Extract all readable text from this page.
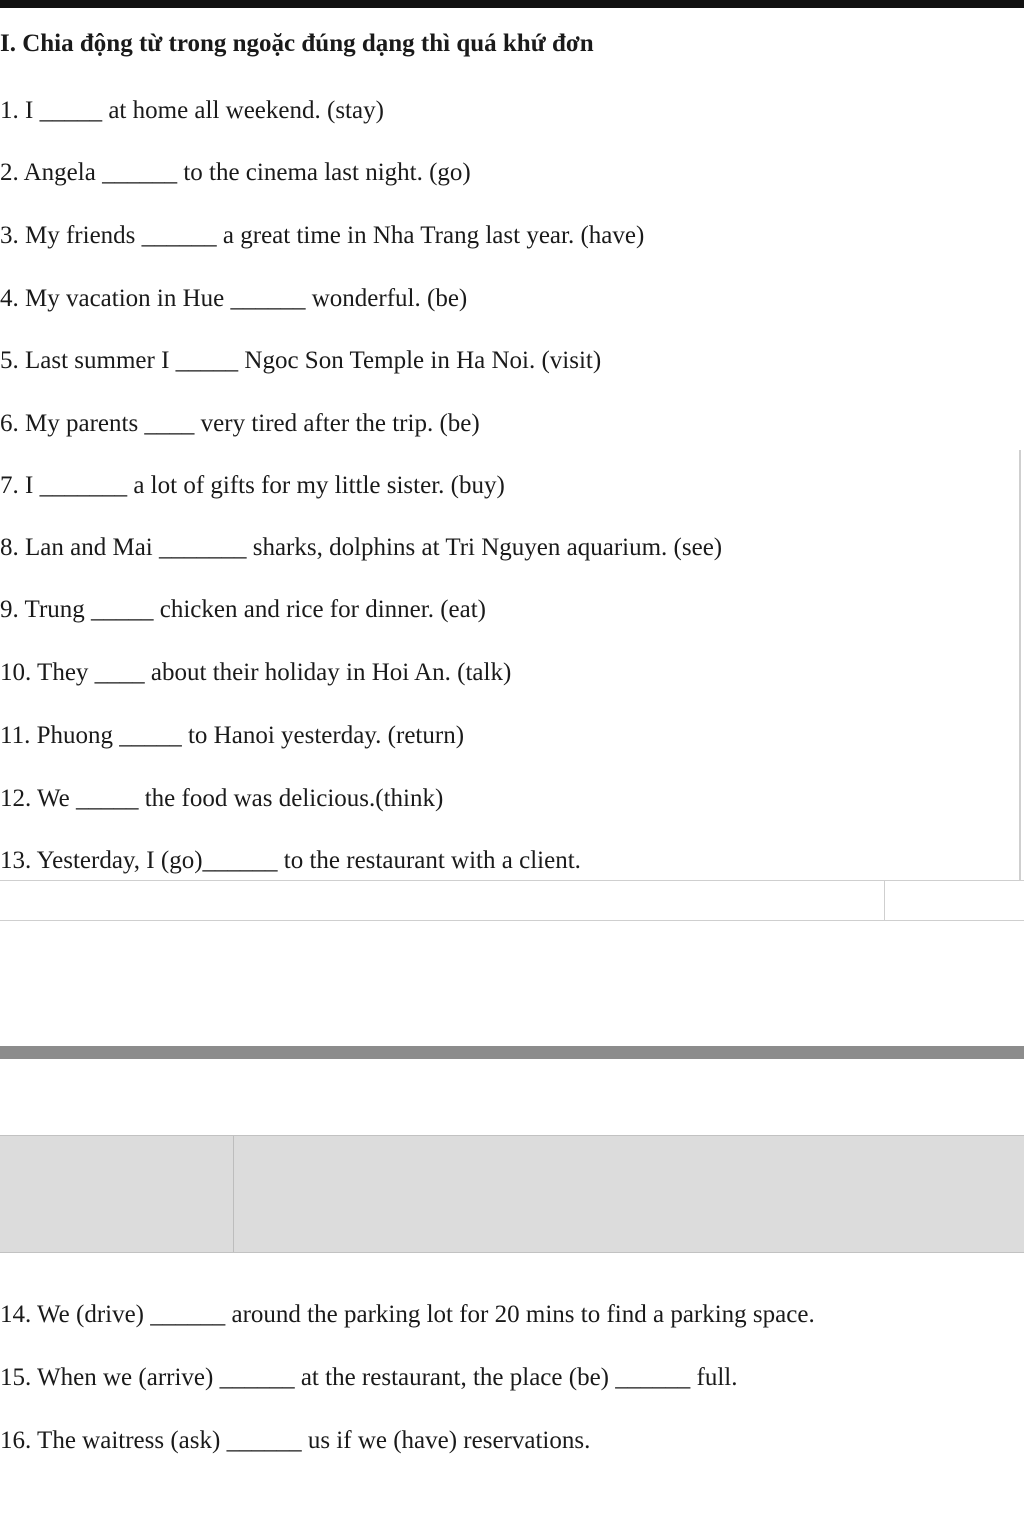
I. Chia động từ trong ngoặc đúng dạng thì quá khứ đơn
1. I _____ at home all weekend. (stay)
2. Angela ______ to the cinema last night. (go)
3. My friends ______ a great time in Nha Trang last year. (have)
4. My vacation in Hue ______ wonderful. (be)
5. Last summer I _____ Ngoc Son Temple in Ha Noi. (visit)
6. My parents ____ very tired after the trip. (be)
7. I _______ a lot of gifts for my little sister. (buy)
8. Lan and Mai _______ sharks, dolphins at Tri Nguyen aquarium. (see)
9. Trung _____ chicken and rice for dinner. (eat)
10. They ____ about their holiday in Hoi An. (talk)
11. Phuong _____ to Hanoi yesterday. (return)
12. We _____ the food was delicious.(think)
13. Yesterday, I (go)______ to the restaurant with a client.
14. We (drive) ______ around the parking lot for 20 mins to find a parking space.
15. When we (arrive) ______ at the restaurant, the place (be) ______ full.
16. The waitress (ask) ______ us if we (have) reservations.
